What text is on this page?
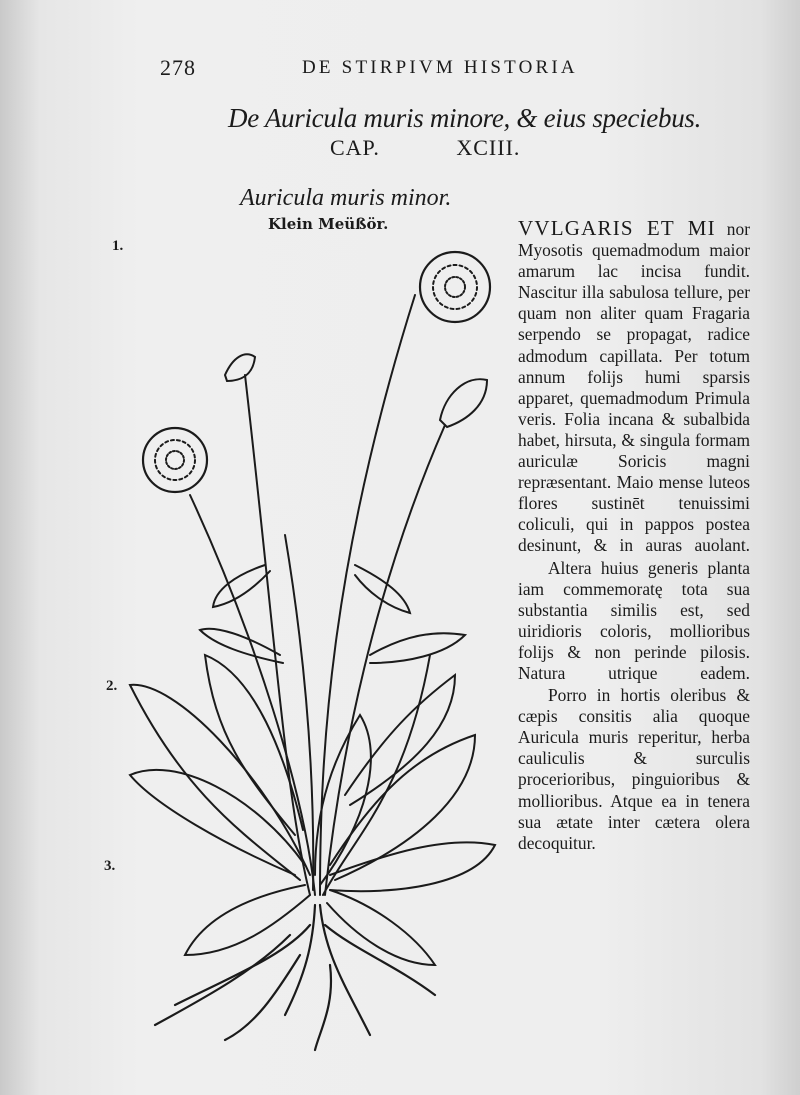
278	DE STIRPIVM HISTORIA
De Auricula muris minore, & eius speciebus.
CAP. XCIII.
Auricula muris minor.
Klein Meüßör.
1.
2.
3.

VVLGARIS ET MI nor Myosotis quemadmodum maior amarum lac incisa fundit. Nascitur illa sabulosa tellure, per quam non aliter quam Fragaria serpendo se propagat, radice admodum capillata. Per totum annum folijs humi sparsis apparet, quemadmodum Primula veris. Folia incana & subalbida habet, hirsuta, & singula formam auriculæ Soricis magni repræsentant. Maio mense luteos flores sustinēt tenuissimi coliculi, qui in pappos postea desinunt, & in auras auolant.

Altera huius generis planta iam commemoratę tota sua substantia similis est, sed uiridioris coloris, mollioribus folijs & non perinde pilosis. Natura utrique eadem.

Porro in hortis oleribus & cæpis consitis alia quoque Auricula muris reperitur, herba cauliculis & surculis procerioribus, pinguioribus & mollioribus. Atque ea in tenera sua ætate inter cætera olera decoquitur.
